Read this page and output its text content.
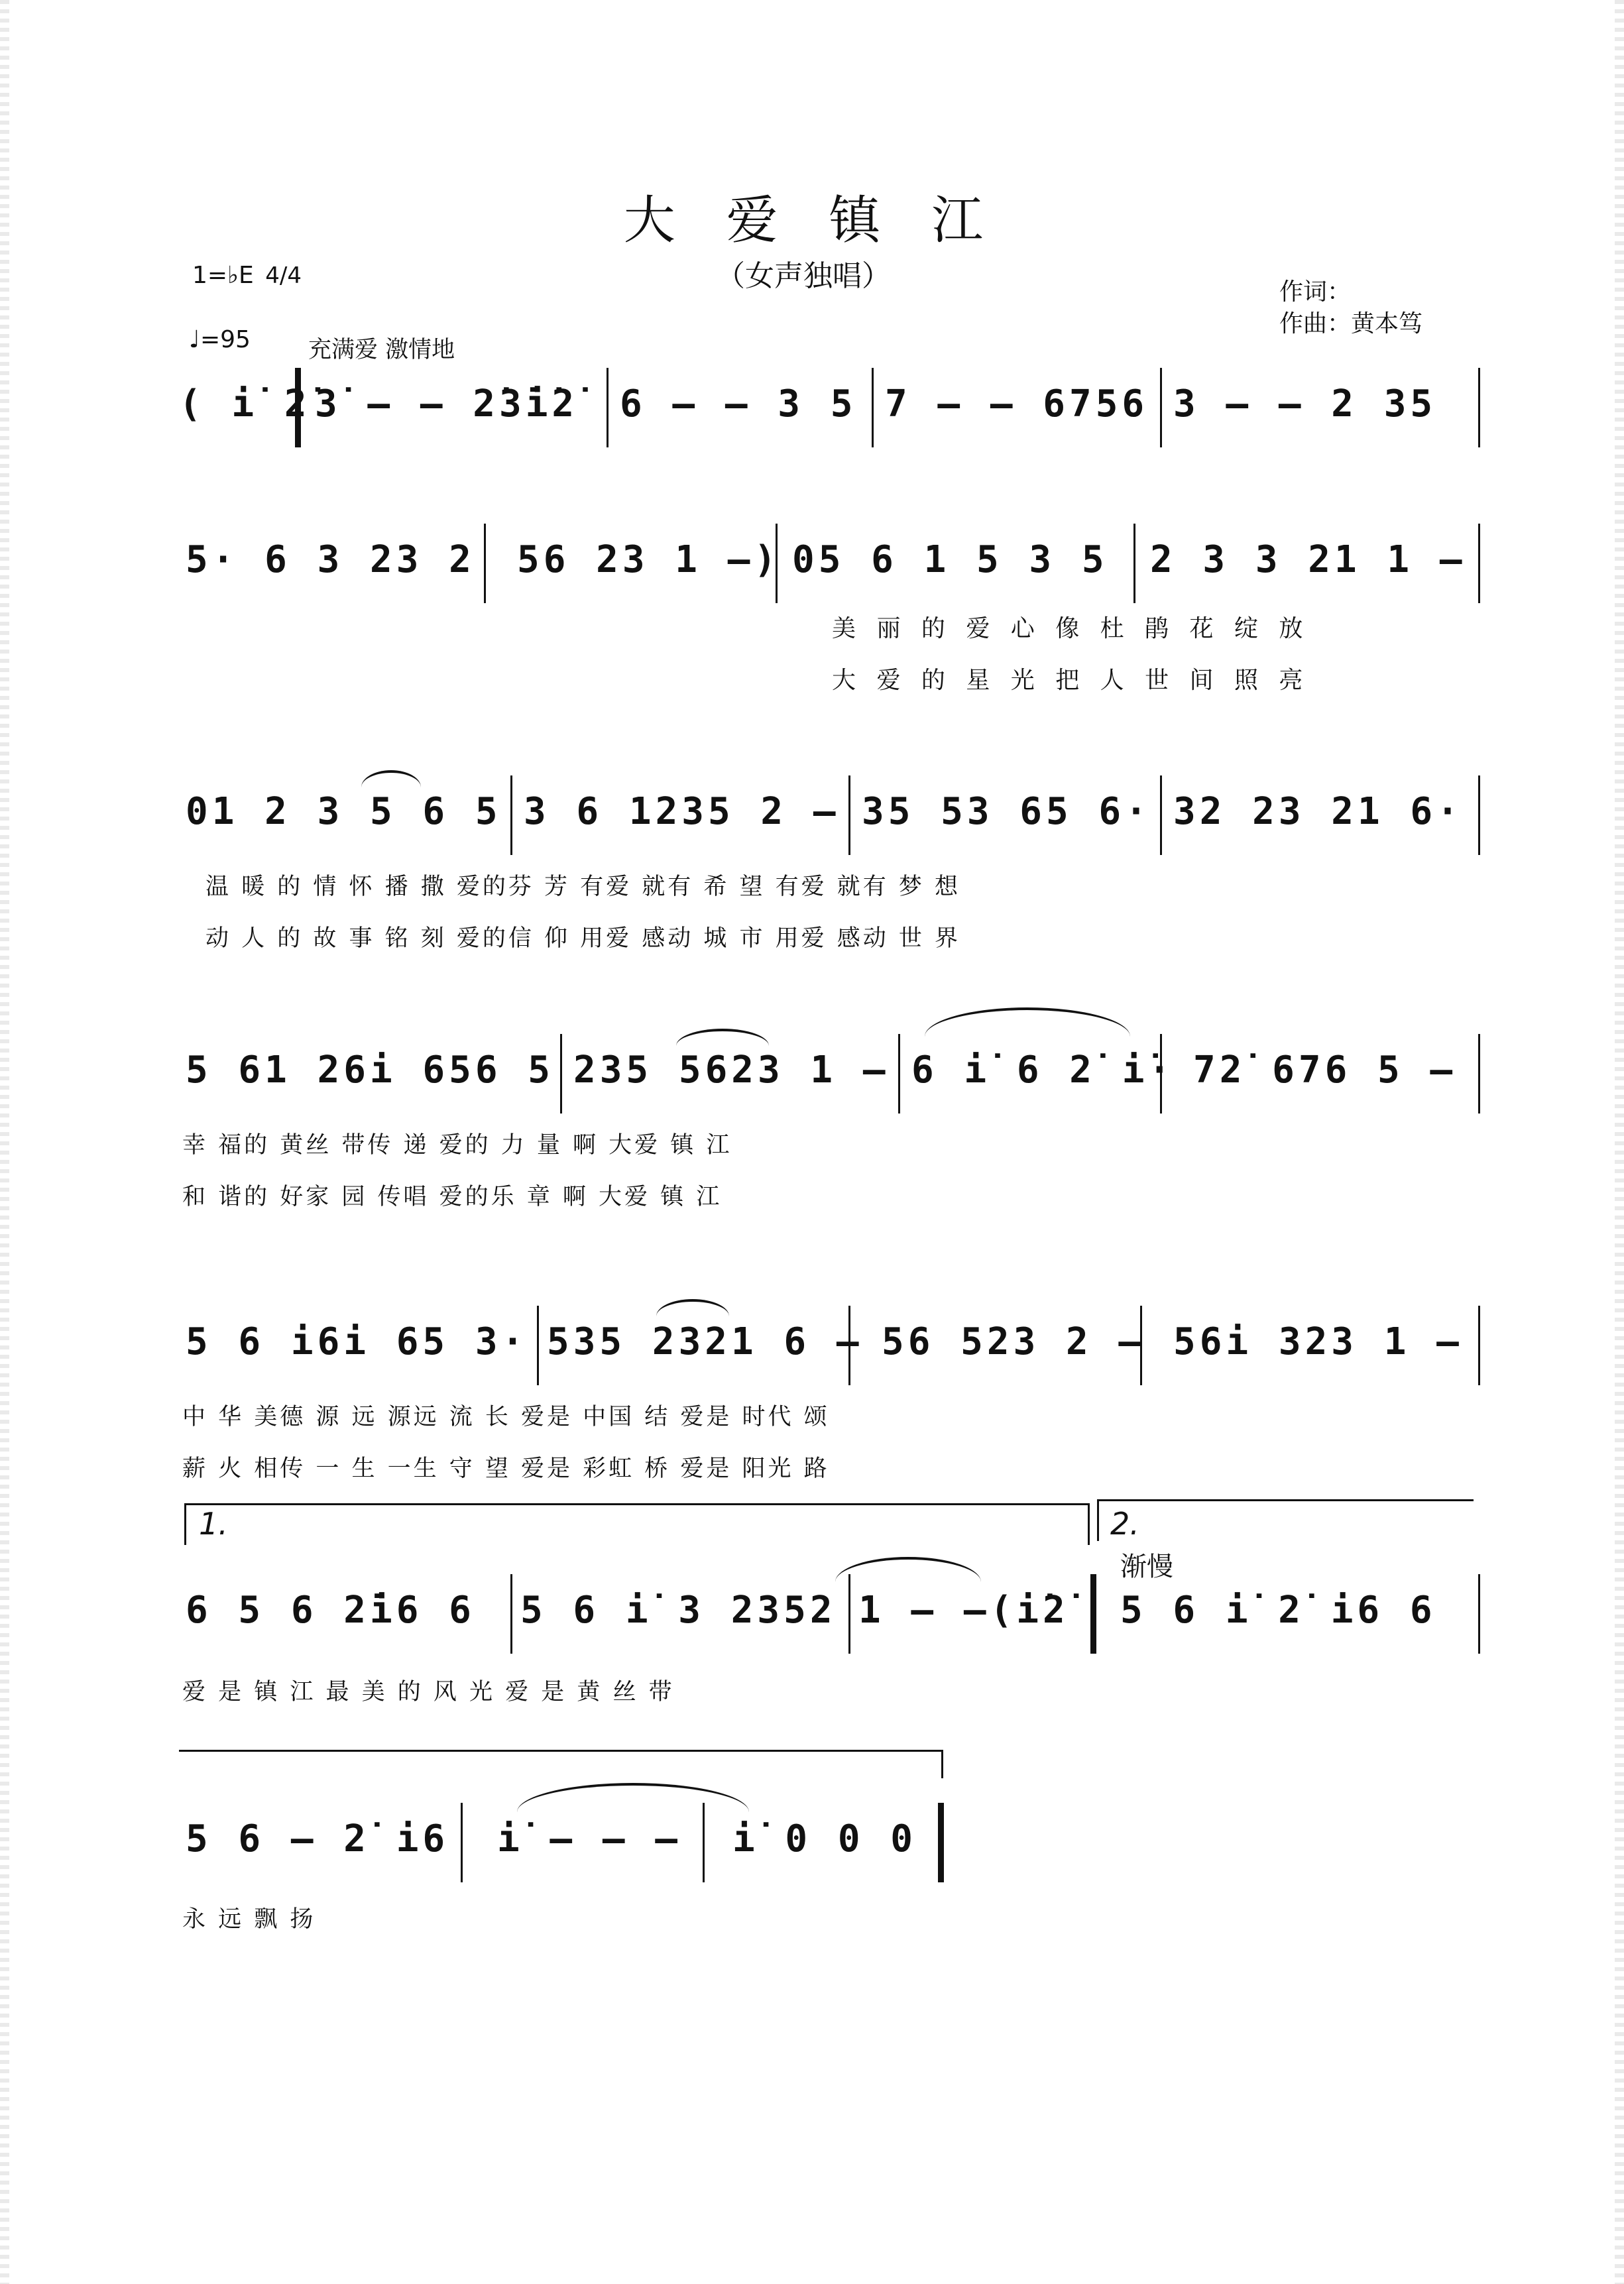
大 爱 镇 江
（女声独唱）	作词：
作曲：黄本笃
1=♭E 4/4
♩=95 充满爱 激情地
( i̇ 2̇ 3̇ — — 2̇3̇i̇2̇ 6 — — 3 5 7 — — 6756 3 — — 2 35
5· 6 3 23 2 56 23 1 —) 05 6 1 5 3 5 2 3 3 21 1 —
美 丽 的 爱 心 像 杜 鹃 花 绽 放
大 爱 的 星 光 把 人 世 间 照 亮
01 2 3 5 6 5 3 6 1235 2 — 35 53 65 6· 32 23 21 6·
温 暖 的 情 怀 播 撒 爱的芬 芳 有爱 就有 希 望 有爱 就有 梦 想
动 人 的 故 事 铭 刻 爱的信 仰 用爱 感动 城 市 用爱 感动 世 界
5 61 26i 656 5 235 5623 1 — 6 i̇ 6 2̇ i̇· 72̇ 676 5 —
幸 福的 黄丝 带传 递 爱的 力 量 啊 大爱 镇 江
和 谐的 好家 园 传唱 爱的乐 章 啊 大爱 镇 江
5 6 i6i 65 3· 535 2321 6 — 56 523 2 — 56i 323 1 —
中 华 美德 源 远 源远 流 长 爱是 中国 结 爱是 时代 颂
薪 火 相传 一 生 一生 守 望 爱是 彩虹 桥 爱是 阳光 路
1.	2.
渐慢
6 5 6 2̇i6 6 5 6 i̇ 3 2352 1 — —(i̇2̇ 5 6 i̇ 2̇ i6 6
爱 是 镇 江 最 美 的 风 光 爱 是 黄 丝 带
5 6 — 2̇ i6 i̇ — — — i̇ 0 0 0
永 远 飘 扬
